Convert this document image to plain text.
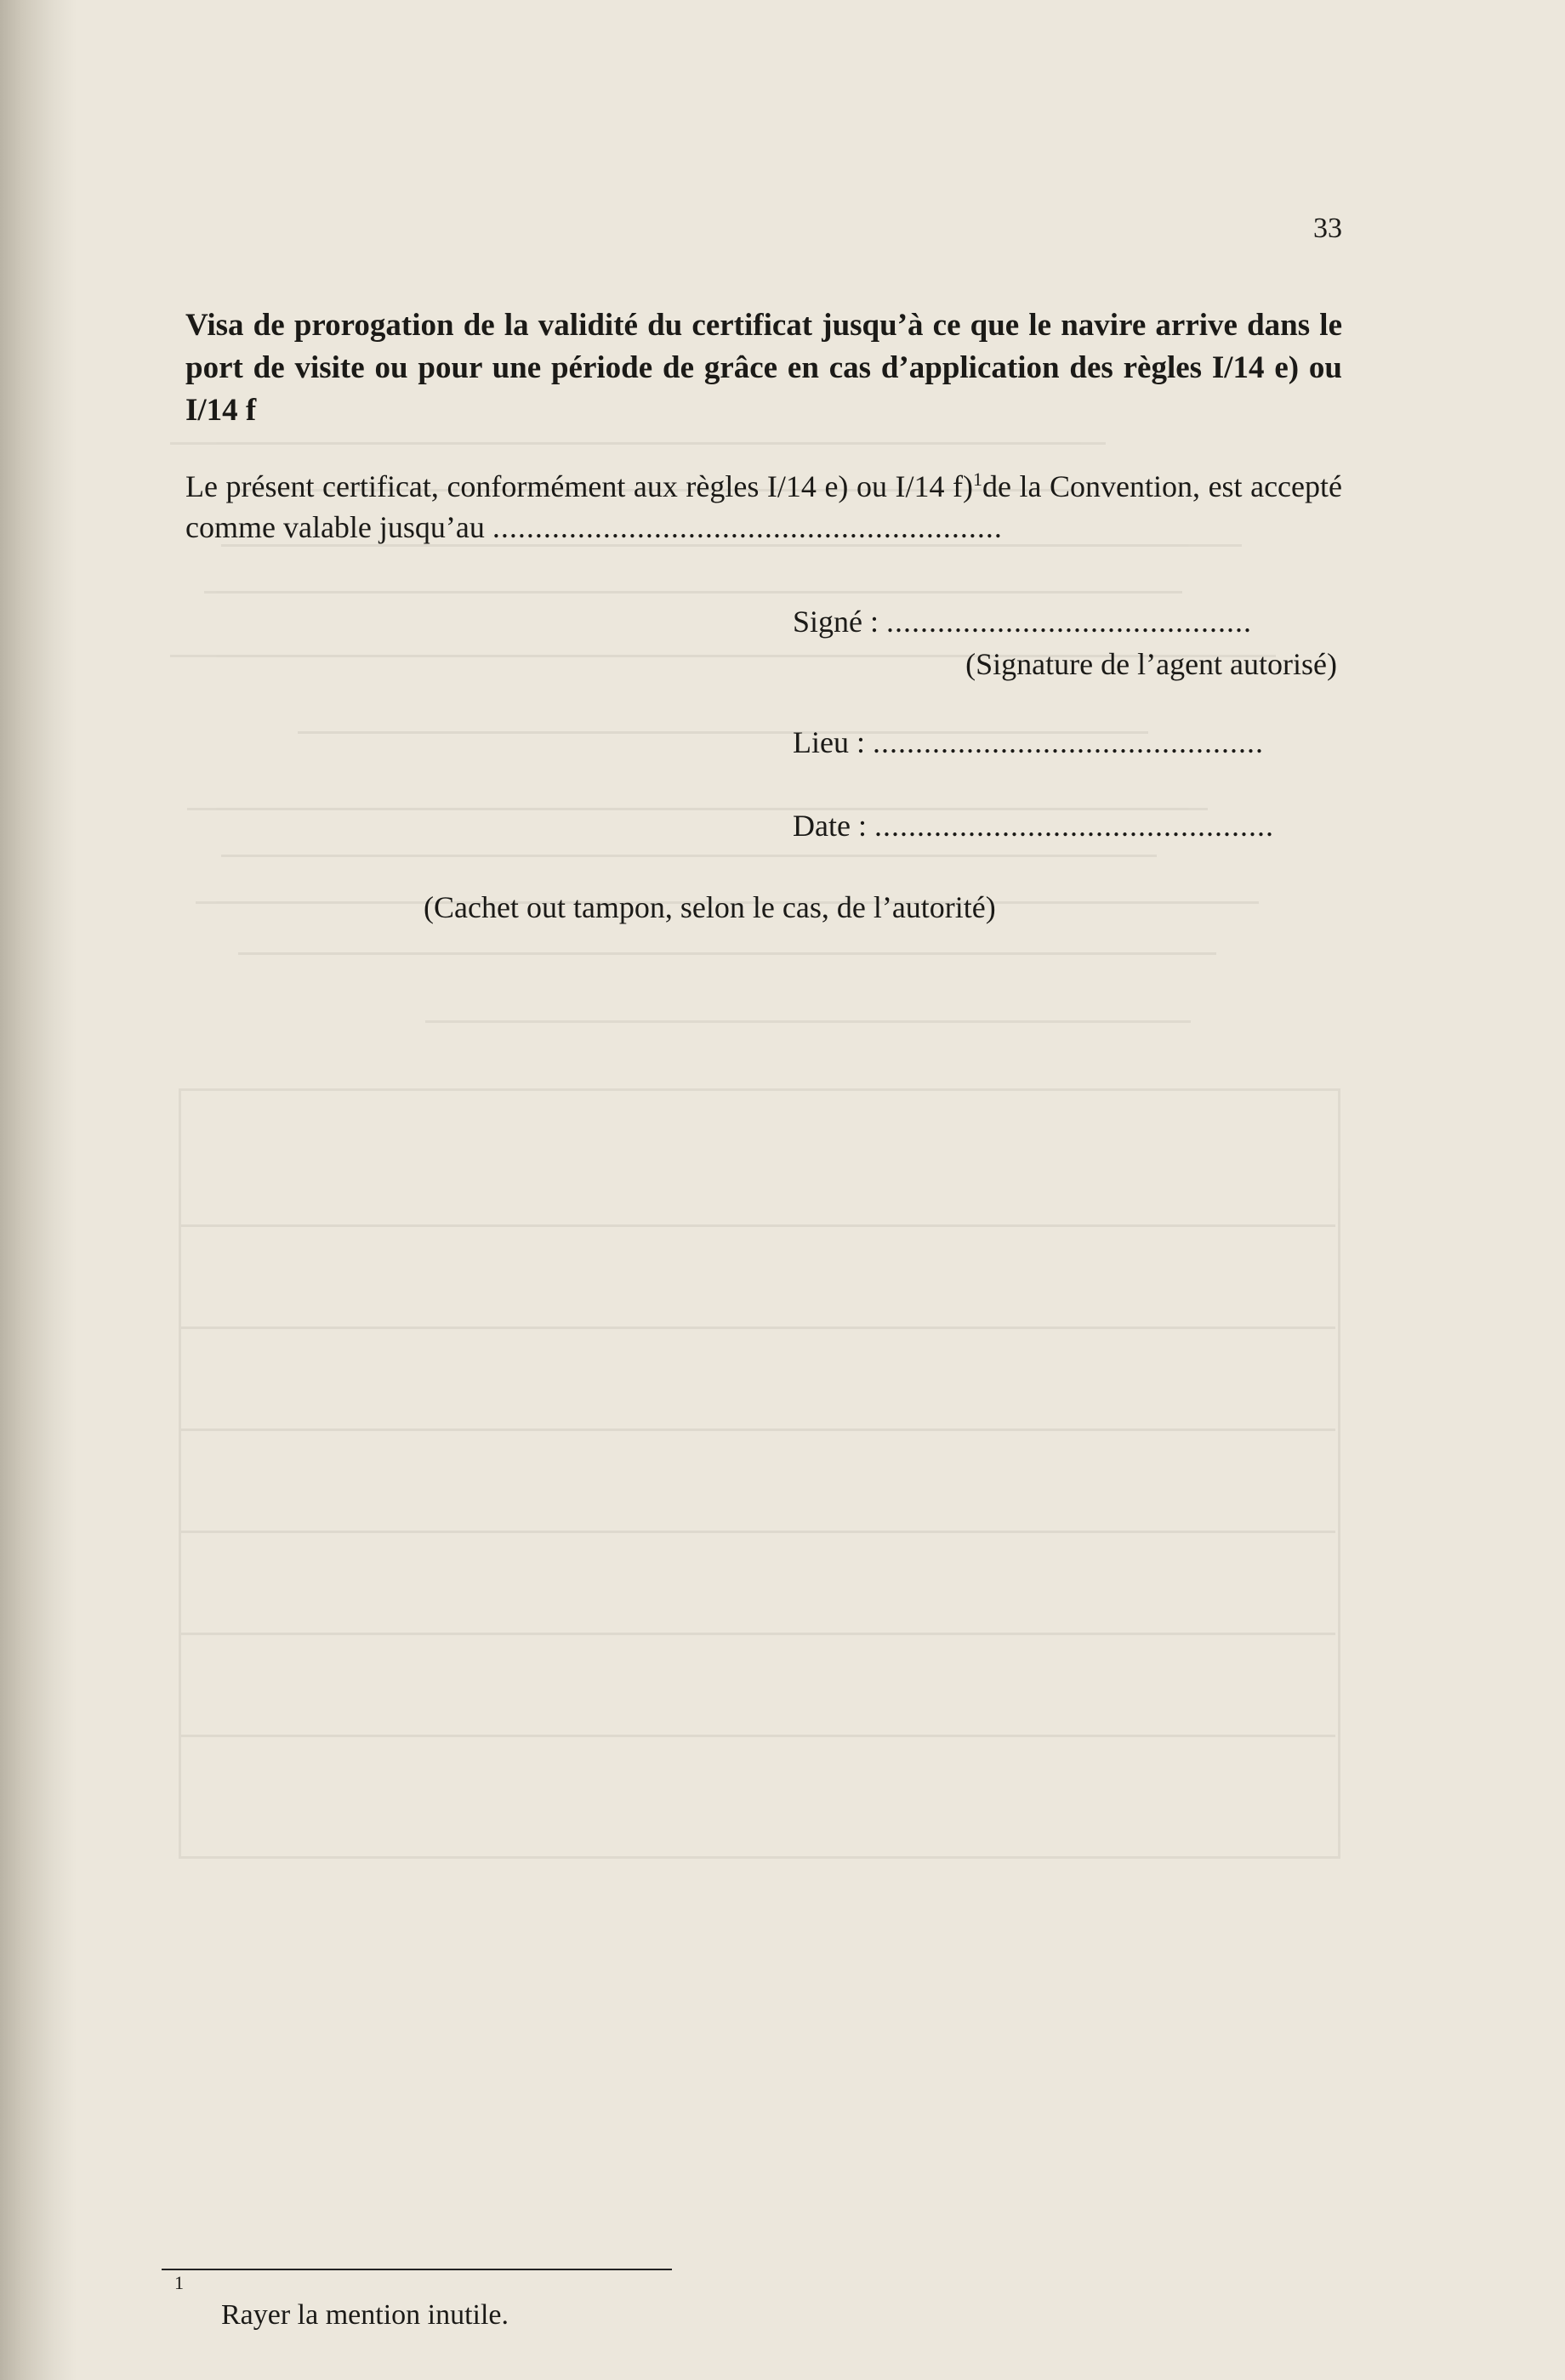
33

Visa de prorogation de la validité du certificat jusqu’à ce que le navire arrive dans le port de visite ou pour une période de grâce en cas d’application des règles I/14 e) ou I/14 f

Le présent certificat, conformément aux règles I/14 e) ou I/14 f)$^1$de la Convention, est accepté comme valable jusqu’au ............................................................

Signé : ...........................................
(Signature de l’agent autorisé)
Lieu : ..............................................
Date : ...............................................
(Cachet out tampon, selon le cas, de l’autorité)
1
Rayer la mention inutile.
